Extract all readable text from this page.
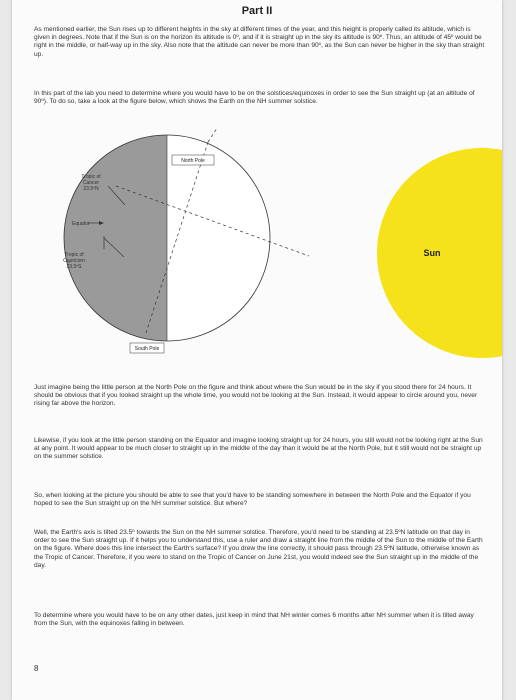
Part II

As mentioned earlier, the Sun rises up to different heights in the sky at different times of the year, and this height is properly called its altitude, which is given in degrees. Note that if the Sun is on the horizon its altitude is 0º, and if it is straight up in the sky its altitude is 90º. Thus, an altitude of 45º would be right in the middle, or half-way up in the sky. Also note that the altitude can never be more than 90º, as the Sun can never be higher in the sky than straight up.

In this part of the lab you need to determine where you would have to be on the solstices/equinoxes in order to see the Sun straight up (at an altitude of 90º). To do so, take a look at the figure below, which shows the Earth on the NH summer solstice.

North Pole
South Pole
Tropic of
Cancer
23.5ºN
Equator
Tropic of
Capricorn
23.5ºS
Sun

Just imagine being the little person at the North Pole on the figure and think about where the Sun would be in the sky if you stood there for 24 hours. It should be obvious that if you looked straight up the whole time, you would not be looking at the Sun. Instead, it would appear to circle around you, never rising far above the horizon.

Likewise, if you look at the little person standing on the Equator and imagine looking straight up for 24 hours, you still would not be looking right at the Sun at any point. It would appear to be much closer to straight up in the middle of the day than it would be at the North Pole, but it still would not be straight up on the summer solstice.

So, when looking at the picture you should be able to see that you'd have to be standing somewhere in between the North Pole and the Equator if you hoped to see the Sun straight up on the NH summer solstice. But where?

Well, the Earth's axis is tilted 23.5º towards the Sun on the NH summer solstice. Therefore, you'd need to be standing at 23.5ºN latitude on that day in order to see the Sun straight up. If it helps you to understand this, use a ruler and draw a straight line from the middle of the Sun to the middle of the Earth on the figure. Where does this line intersect the Earth's surface? If you drew the line correctly, it should pass through 23.5ºN latitude, otherwise known as the Tropic of Cancer. Therefore, if you were to stand on the Tropic of Cancer on June 21st, you would indeed see the Sun straight up in the middle of the day.

To determine where you would have to be on any other dates, just keep in mind that NH winter comes 6 months after NH summer when it is tilted away from the Sun, with the equinoxes falling in between.

8
